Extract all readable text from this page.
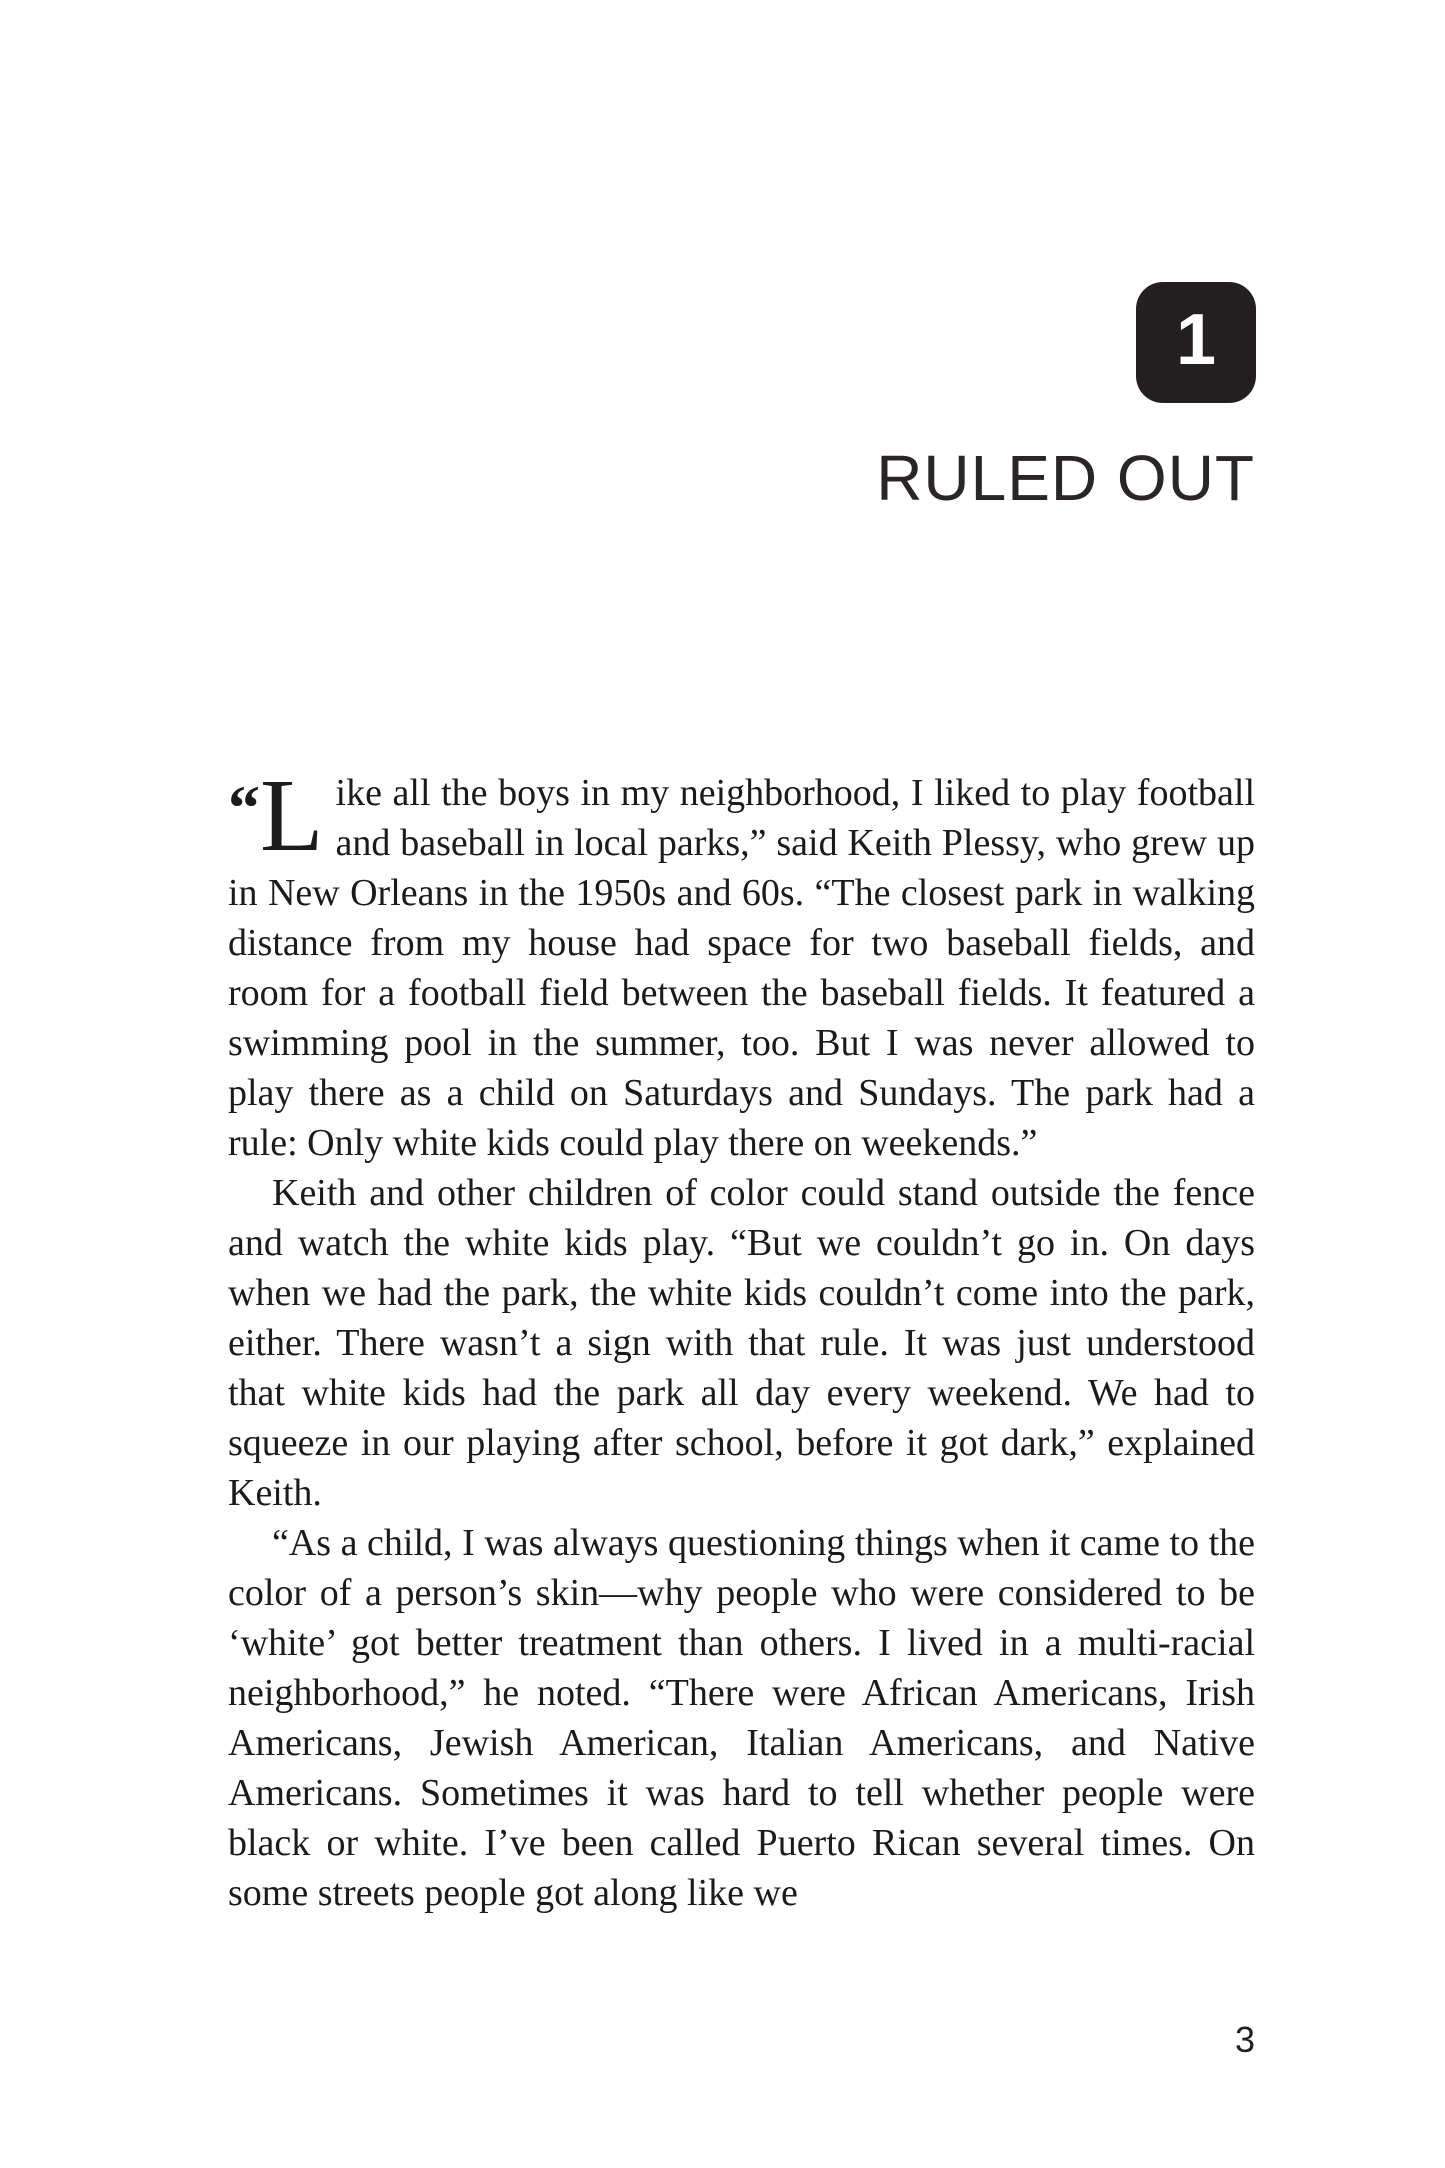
1
RULED OUT

“ L ike all the boys in my neighborhood, I liked to play football and baseball in local parks,” said Keith Plessy, who grew up in New Orleans in the 1950s and 60s. “The closest park in walking distance from my house had space for two baseball fields, and room for a football field between the baseball fields. It featured a swimming pool in the summer, too. But I was never allowed to play there as a child on Saturdays and Sundays. The park had a rule: Only white kids could play there on weekends.”

Keith and other children of color could stand outside the fence and watch the white kids play. “But we couldn’t go in. On days when we had the park, the white kids couldn’t come into the park, either. There wasn’t a sign with that rule. It was just understood that white kids had the park all day every weekend. We had to squeeze in our playing after school, before it got dark,” explained Keith.

“As a child, I was always questioning things when it came to the color of a person’s skin—why people who were considered to be ‘white’ got better treatment than others. I lived in a multi-racial neighborhood,” he noted. “There were African Americans, Irish Americans, Jewish American, Italian Americans, and Native Americans. Sometimes it was hard to tell whether people were black or white. I’ve been called Puerto Rican several times. On some streets people got along like we

3
